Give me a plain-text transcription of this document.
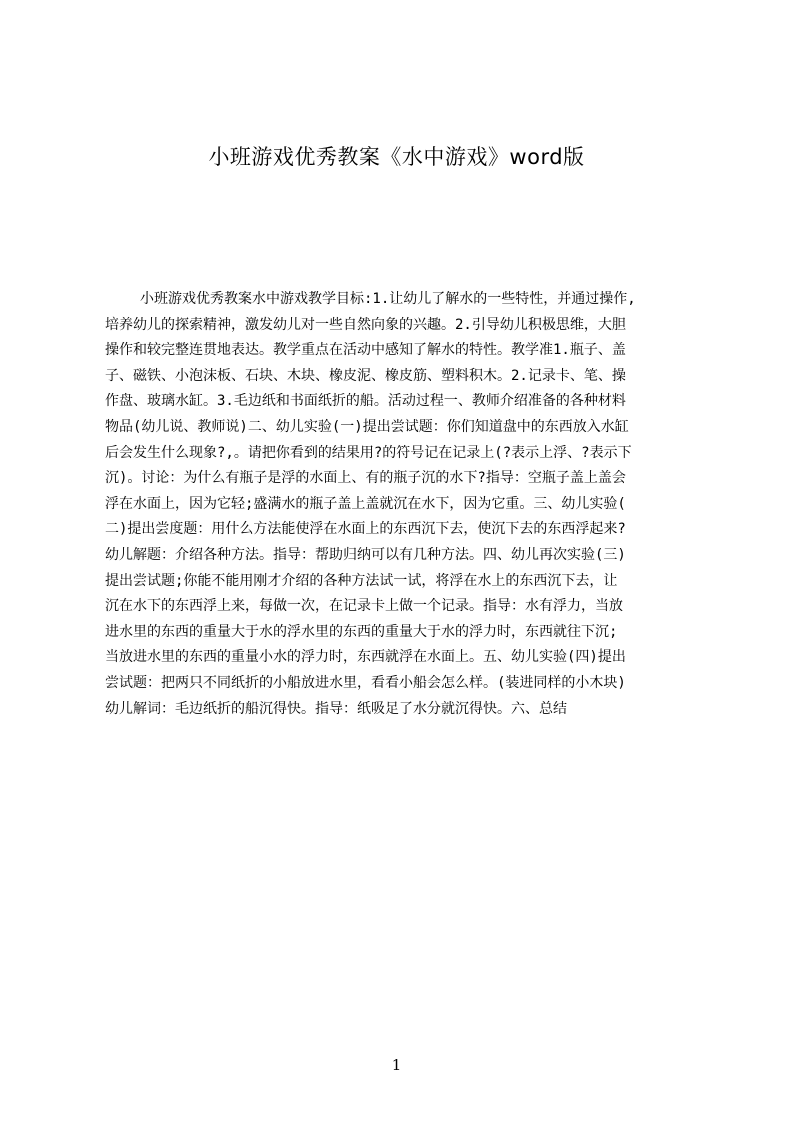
小班游戏优秀教案《水中游戏》word版
小班游戏优秀教案水中游戏教学目标:1.让幼儿了解水的一些特性，并通过操作,
培养幼儿的探索精神，激发幼儿对一些自然向象的兴趣。2.引导幼儿积极思维，大胆
操作和较完整连贯地表达。教学重点在活动中感知了解水的特性。教学准1.瓶子、盖
子、磁铁、小泡沫板、石块、木块、橡皮泥、橡皮筋、塑料积木。2.记录卡、笔、操
作盘、玻璃水缸。3.毛边纸和书面纸折的船。活动过程一、教师介绍准备的各种材料
物品(幼儿说、教师说)二、幼儿实验(一)提出尝试题：你们知道盘中的东西放入水缸
后会发生什么现象?,。请把你看到的结果用?的符号记在记录上(?表示上浮、?表示下
沉)。讨论：为什么有瓶子是浮的水面上、有的瓶子沉的水下?指导：空瓶子盖上盖会
浮在水面上，因为它轻;盛满水的瓶子盖上盖就沉在水下，因为它重。三、幼儿实验(
二)提出尝度题：用什么方法能使浮在水面上的东西沉下去，使沉下去的东西浮起来?
幼儿解题：介绍各种方法。指导：帮助归纳可以有几种方法。四、幼儿再次实验(三)
提出尝试题;你能不能用刚才介绍的各种方法试一试，将浮在水上的东西沉下去，让
沉在水下的东西浮上来，每做一次，在记录卡上做一个记录。指导：水有浮力，当放
进水里的东西的重量大于水的浮水里的东西的重量大于水的浮力时，东西就往下沉;
当放进水里的东西的重量小水的浮力时，东西就浮在水面上。五、幼儿实验(四)提出
尝试题：把两只不同纸折的小船放进水里，看看小船会怎么样。(装进同样的小木块)
幼儿解词：毛边纸折的船沉得快。指导：纸吸足了水分就沉得快。六、总结
1
